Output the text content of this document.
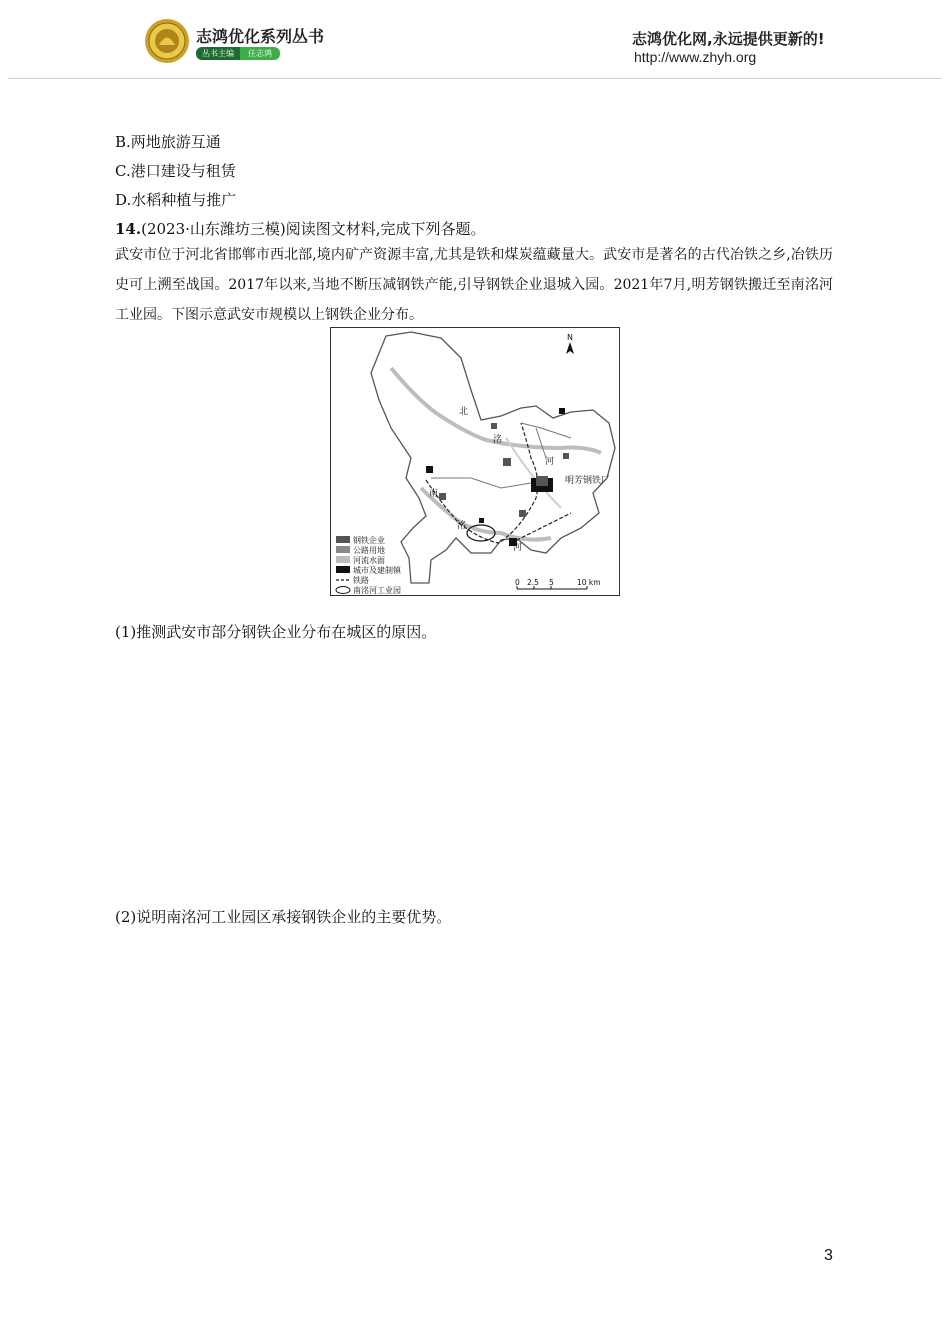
志鸿优化系列丛书
丛书主编	任志鸿
志鸿优化网,永远提供更新的!
http://www.zhyh.org
B.两地旅游互通
C.港口建设与租赁
D.水稻种植与推广
14.(2023·山东潍坊三模)阅读图文材料,完成下列各题。
武安市位于河北省邯郸市西北部,境内矿产资源丰富,尤其是铁和煤炭蕴藏量大。武安市是著名的古代冶铁之乡,冶铁历史可上溯至战国。2017年以来,当地不断压减钢铁产能,引导钢铁企业退城入园。2021年7月,明芳钢铁搬迁至南洺河工业园。下图示意武安市规模以上钢铁企业分布。
北
洺
河
南
洺
河
明芳钢铁厂
N
钢铁企业
公路用地
河流水面
城市及建制镇
铁路
南洺河工业园
0 2.5 5	10 km
(1)推测武安市部分钢铁企业分布在城区的原因。
(2)说明南洺河工业园区承接钢铁企业的主要优势。
3
